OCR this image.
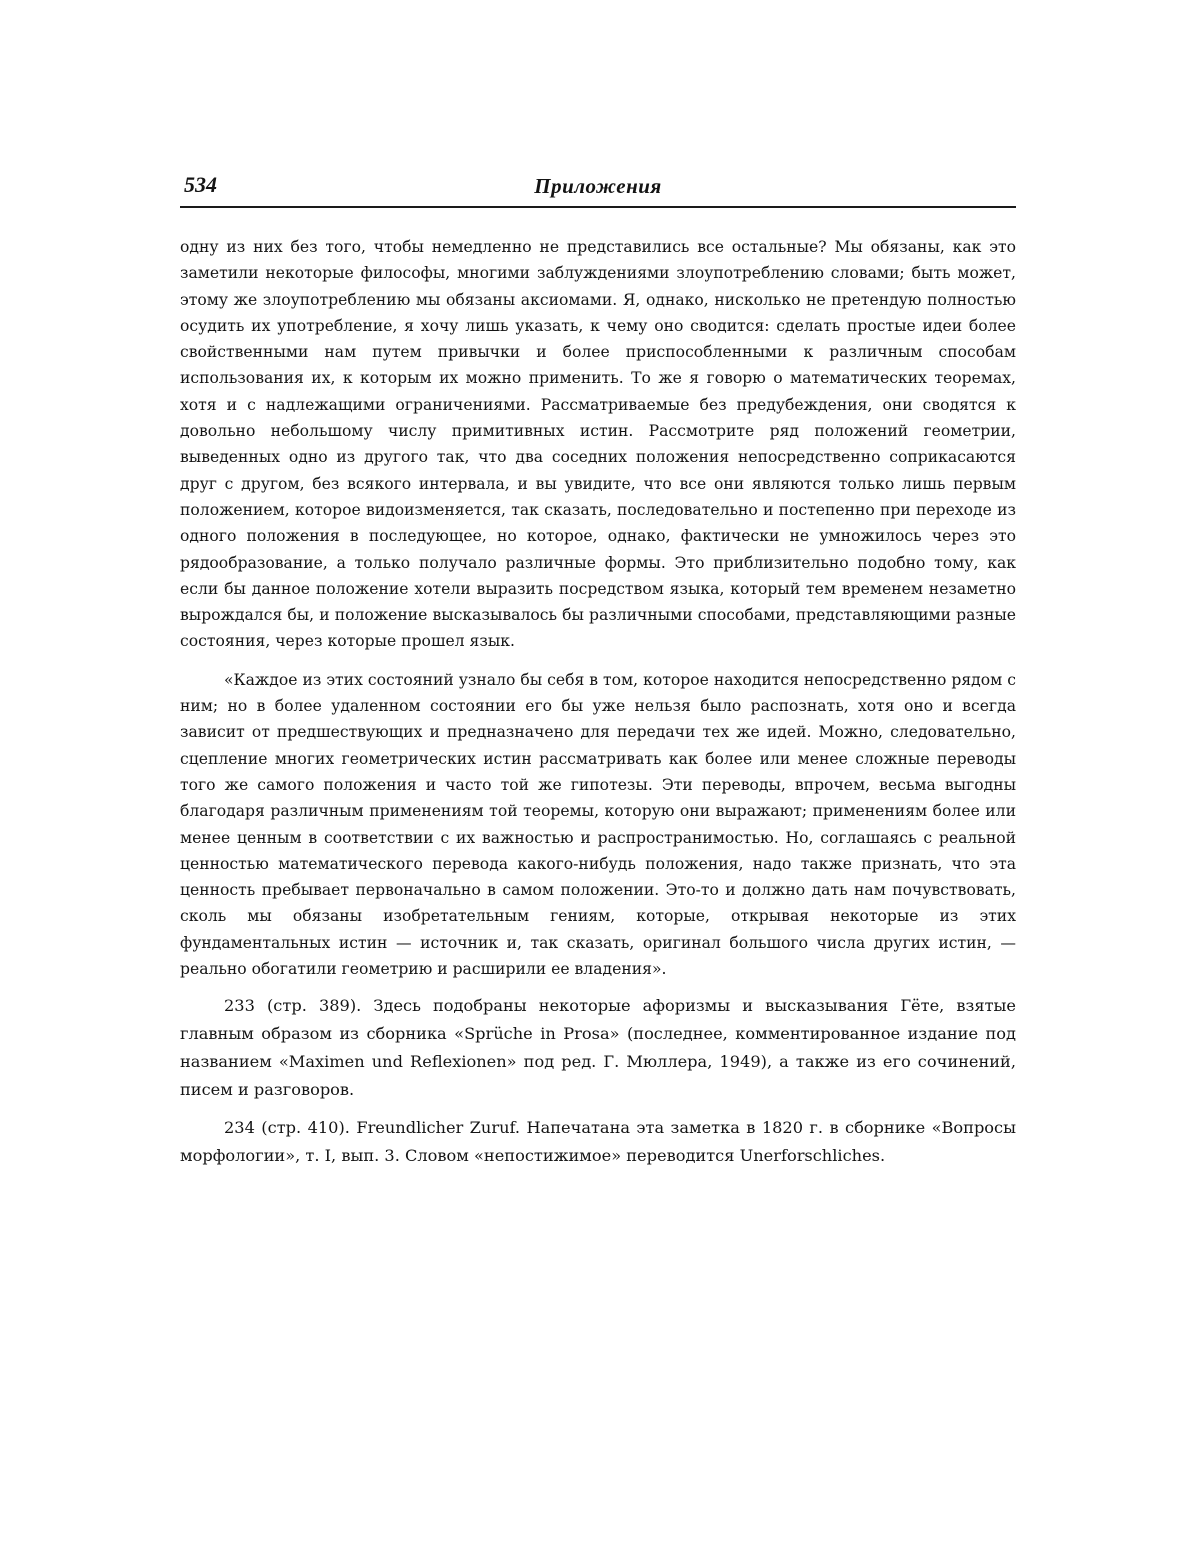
534	Приложения

одну из них без того, чтобы немедленно не представились все остальные? Мы обязаны, как это заметили некоторые философы, многими заблуждениями злоупотреблению словами; быть может, этому же злоупотреблению мы обязаны аксиомами. Я, однако, нисколько не претендую полностью осудить их употребление, я хочу лишь указать, к чему оно сводится: сделать простые идеи более свойственными нам путем привычки и более приспособленными к различным способам использования их, к которым их можно применить. То же я говорю о математических теоремах, хотя и с надлежащими ограничениями. Рассматриваемые без предубеждения, они сводятся к довольно небольшому числу примитивных истин. Рассмотрите ряд положений геометрии, выведенных одно из другого так, что два соседних положения непосредственно соприкасаются друг с другом, без всякого интервала, и вы увидите, что все они являются только лишь первым положением, которое видоизменяется, так сказать, последовательно и постепенно при переходе из одного положения в последующее, но которое, однако, фактически не умножилось через это рядообразование, а только получало различные формы. Это приблизительно подобно тому, как если бы данное положение хотели выразить посредством языка, который тем временем незаметно вырождался бы, и положение высказывалось бы различными способами, представляющими разные состояния, через которые прошел язык.

«Каждое из этих состояний узнало бы себя в том, которое находится непосредственно рядом с ним; но в более удаленном состоянии его бы уже нельзя было распознать, хотя оно и всегда зависит от предшествующих и предназначено для передачи тех же идей. Можно, следовательно, сцепление многих геометрических истин рассматривать как более или менее сложные переводы того же самого положения и часто той же гипотезы. Эти переводы, впрочем, весьма выгодны благодаря различным применениям той теоремы, которую они выражают; применениям более или менее ценным в соответствии с их важностью и распространимостью. Но, соглашаясь с реальной ценностью математического перевода какого-нибудь положения, надо также признать, что эта ценность пребывает первоначально в самом положении. Это-то и должно дать нам почувствовать, сколь мы обязаны изобретательным гениям, которые, открывая некоторые из этих фундаментальных истин — источник и, так сказать, оригинал большого числа других истин, — реально обогатили геометрию и расширили ее владения».

233 (стр. 389). Здесь подобраны некоторые афоризмы и высказывания Гёте, взятые главным образом из сборника «Sprüche in Prosa» (последнее, комментированное издание под названием «Maximen und Reflexionen» под ред. Г. Мюллера, 1949), а также из его сочинений, писем и разговоров.

234 (стр. 410). Freundlicher Zuruf. Напечатана эта заметка в 1820 г. в сборнике «Вопросы морфологии», т. I, вып. 3. Словом «непостижимое» переводится Unerforschliches.
